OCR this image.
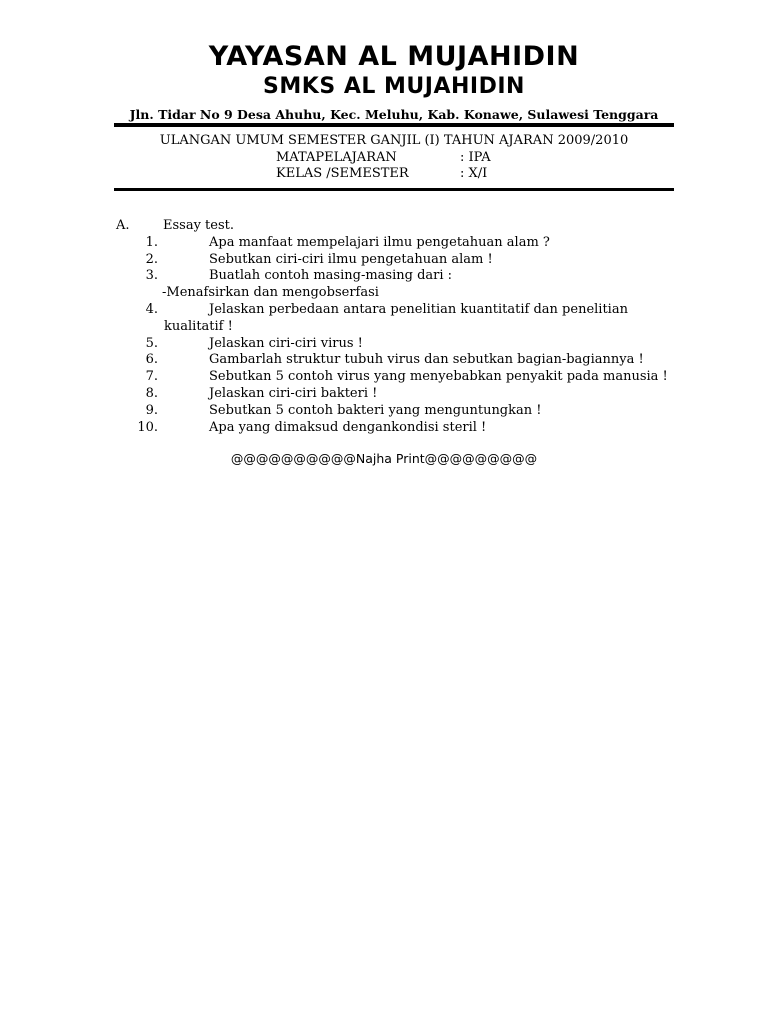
YAYASAN AL MUJAHIDIN
SMKS AL MUJAHIDIN
Jln. Tidar No 9 Desa Ahuhu, Kec. Meluhu, Kab. Konawe, Sulawesi Tenggara
ULANGAN UMUM SEMESTER GANJIL (I) TAHUN AJARAN 2009/2010
MATAPELAJARAN	: IPA
KELAS /SEMESTER	: X/I
A.	Essay test.
1.	Apa manfaat mempelajari ilmu pengetahuan alam ?
2.	Sebutkan ciri-ciri ilmu pengetahuan alam !
3.	Buatlah contoh masing-masing dari :
-Menafsirkan dan mengobserfasi
4.	Jelaskan perbedaan antara penelitian kuantitatif dan penelitian
kualitatif !
5.	Jelaskan ciri-ciri virus !
6.	Gambarlah struktur tubuh virus dan sebutkan bagian-bagiannya !
7.	Sebutkan 5 contoh virus yang menyebabkan penyakit pada manusia !
8.	Jelaskan ciri-ciri bakteri !
9.	Sebutkan 5 contoh bakteri yang menguntungkan !
10.	Apa yang dimaksud dengankondisi steril !
@@@@@@@@@@Najha Print@@@@@@@@@
